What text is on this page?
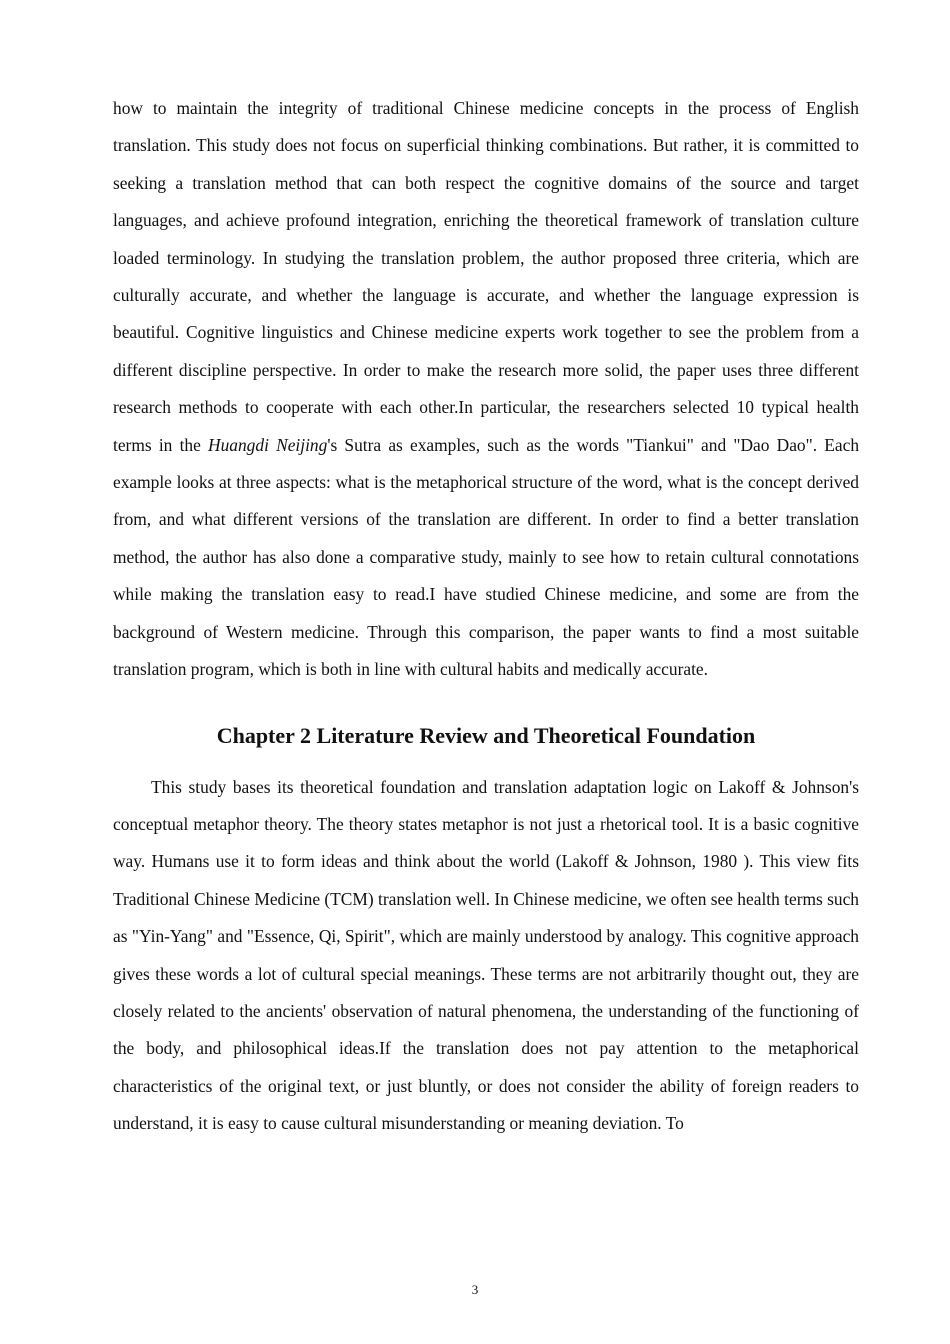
how to maintain the integrity of traditional Chinese medicine concepts in the process of English translation. This study does not focus on superficial thinking combinations. But rather, it is committed to seeking a translation method that can both respect the cognitive domains of the source and target languages, and achieve profound integration, enriching the theoretical framework of translation culture loaded terminology. In studying the translation problem, the author proposed three criteria, which are culturally accurate, and whether the language is accurate, and whether the language expression is beautiful. Cognitive linguistics and Chinese medicine experts work together to see the problem from a different discipline perspective. In order to make the research more solid, the paper uses three different research methods to cooperate with each other.In particular, the researchers selected 10 typical health terms in the Huangdi Neijing's Sutra as examples, such as the words "Tiankui" and "Dao Dao". Each example looks at three aspects: what is the metaphorical structure of the word, what is the concept derived from, and what different versions of the translation are different. In order to find a better translation method, the author has also done a comparative study, mainly to see how to retain cultural connotations while making the translation easy to read.I have studied Chinese medicine, and some are from the background of Western medicine. Through this comparison, the paper wants to find a most suitable translation program, which is both in line with cultural habits and medically accurate.

Chapter 2 Literature Review and Theoretical Foundation

This study bases its theoretical foundation and translation adaptation logic on Lakoff & Johnson's conceptual metaphor theory. The theory states metaphor is not just a rhetorical tool. It is a basic cognitive way. Humans use it to form ideas and think about the world (Lakoff & Johnson, 1980 ). This view fits Traditional Chinese Medicine (TCM) translation well. In Chinese medicine, we often see health terms such as "Yin-Yang" and "Essence, Qi, Spirit", which are mainly understood by analogy. This cognitive approach gives these words a lot of cultural special meanings. These terms are not arbitrarily thought out, they are closely related to the ancients' observation of natural phenomena, the understanding of the functioning of the body, and philosophical ideas.If the translation does not pay attention to the metaphorical characteristics of the original text, or just bluntly, or does not consider the ability of foreign readers to understand, it is easy to cause cultural misunderstanding or meaning deviation. To

3
